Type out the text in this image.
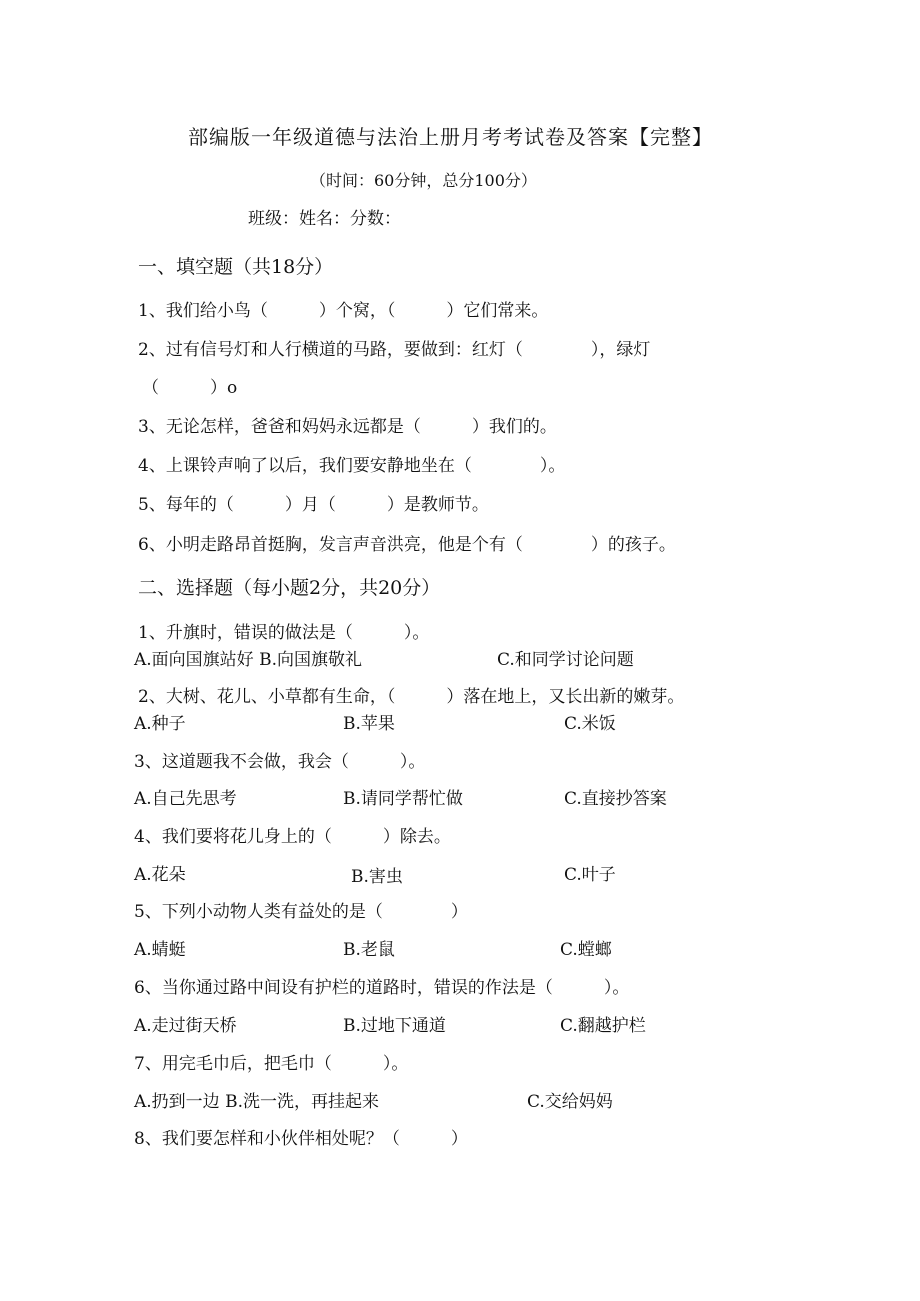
部编版一年级道德与法治上册月考考试卷及答案【完整】
（时间：60分钟，总分100分）
班级：姓名：分数：
一、填空题（共18分）
1、我们给小鸟（　　　）个窝，（　　　）它们常来。
2、过有信号灯和人行横道的马路，要做到：红灯（　　　　），绿灯
（　　　）o
3、无论怎样，爸爸和妈妈永远都是（　　　）我们的。
4、上课铃声响了以后，我们要安静地坐在（　　　　）。
5、每年的（　　　）月（　　　）是教师节。
6、小明走路昂首挺胸，发言声音洪亮，他是个有（　　　　）的孩子。
二、选择题（每小题2分，共20分）
1、升旗时，错误的做法是（　　　）。
A.面向国旗站好 B.向国旗敬礼	C.和同学讨论问题
2、大树、花儿、小草都有生命，（　　　）落在地上，又长出新的嫩芽。
A.种子	B.苹果	C.米饭
3、这道题我不会做，我会（　　　）。
A.自己先思考	B.请同学帮忙做	C.直接抄答案
4、我们要将花儿身上的（　　　）除去。
A.花朵	B.害虫	C.叶子
5、下列小动物人类有益处的是（　　　　）
A.蜻蜓	B.老鼠	C.螳螂
6、当你通过路中间设有护栏的道路时，错误的作法是（　　　）。
A.走过街天桥	B.过地下通道	C.翻越护栏
7、用完毛巾后，把毛巾（　　　）。
A.扔到一边 B.洗一洗，再挂起来	C.交给妈妈
8、我们要怎样和小伙伴相处呢？（　　　）
